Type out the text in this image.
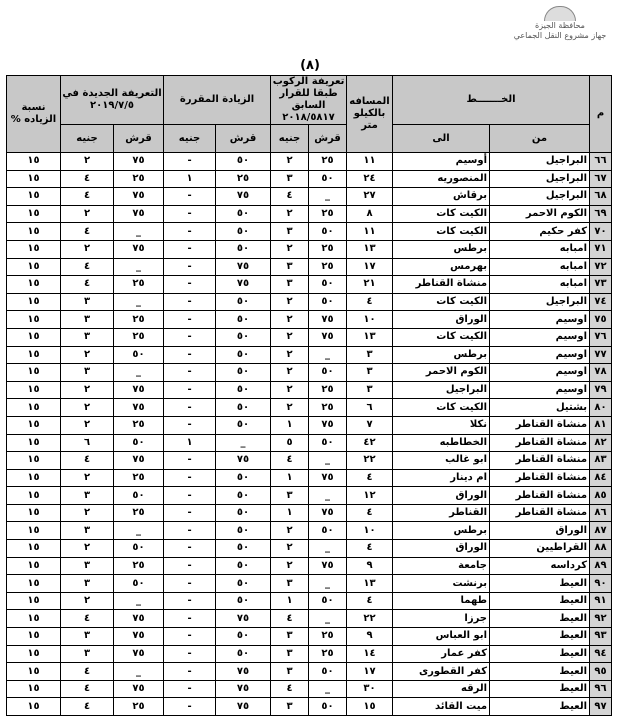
محافظة الجيزة
جهاز مشروع النقل الجماعي
(٨)
م	الخـــــــط		المسافه بالكيلو متر	تعريفة الركوب طبقا للقرار السابق ٢٠١٨/٥٨١٧		الزيادة المقررة		التعريفة الجديدة في ٢٠١٩/٧/٥		نسبة الزياده %
	من	الى		قرش	جنيه	قرش	جنيه	قرش	جنيه	
٦٦	البراجيل	أوسيم	١١	٢٥	٢	٥٠	-	٧٥	٢	١٥
٦٧	البراجيل	المنصوريه	٢٤	٥٠	٣	٢٥	١	٢٥	٤	١٥
٦٨	البراجيل	برقاش	٢٧	_	٤	٧٥	-	٧٥	٤	١٥
٦٩	الكوم الاحمر	الكيت كات	٨	٢٥	٢	٥٠	-	٧٥	٢	١٥
٧٠	كفر حكيم	الكيت كات	١١	٥٠	٣	٥٠	-	_	٤	١٥
٧١	امبابه	برطس	١٣	٢٥	٢	٥٠	-	٧٥	٢	١٥
٧٢	امبابه	بهرمس	١٧	٢٥	٣	٧٥	-	_	٤	١٥
٧٣	امبابه	منشاة القناطر	٢١	٥٠	٣	٧٥	-	٢٥	٤	١٥
٧٤	البراجيل	الكيت كات	٤	٥٠	٢	٥٠	-	_	٣	١٥
٧٥	اوسيم	الوراق	١٠	٧٥	٢	٥٠	-	٢٥	٣	١٥
٧٦	اوسيم	الكيت كات	١٣	٧٥	٢	٥٠	-	٢٥	٣	١٥
٧٧	اوسيم	برطس	٣	_	٢	٥٠	-	٥٠	٢	١٥
٧٨	اوسيم	الكوم الاحمر	٣	٥٠	٢	٥٠	-	_	٣	١٥
٧٩	اوسيم	البراجيل	٣	٢٥	٢	٥٠	-	٧٥	٢	١٥
٨٠	بشتيل	الكيت كات	٦	٢٥	٢	٥٠	-	٧٥	٢	١٥
٨١	منشاة القناطر	نكلا	٧	٧٥	١	٥٠	-	٢٥	٢	١٥
٨٢	منشاة القناطر	الخطاطبه	٤٢	٥٠	٥	_	١	٥٠	٦	١٥
٨٣	منشاة القناطر	ابو غالب	٢٢	_	٤	٧٥	-	٧٥	٤	١٥
٨٤	منشاة القناطر	ام دينار	٤	٧٥	١	٥٠	-	٢٥	٢	١٥
٨٥	منشاة القناطر	الوراق	١٢	_	٣	٥٠	-	٥٠	٣	١٥
٨٦	منشاة القناطر	القناطر	٤	٧٥	١	٥٠	-	٢٥	٢	١٥
٨٧	الوراق	برطس	١٠	٥٠	٢	٥٠	-	_	٣	١٥
٨٨	القراطيين	الوراق	٤	_	٢	٥٠	-	٥٠	٢	١٥
٨٩	كرداسه	جامعة	٩	٧٥	٢	٥٠	-	٢٥	٣	١٥
٩٠	العيط	برنشت	١٣	_	٣	٥٠	-	٥٠	٣	١٥
٩١	العيط	طهما	٤	٥٠	١	٥٠	-	_	٢	١٥
٩٢	العيط	جرزا	٢٢	_	٤	٧٥	-	٧٥	٤	١٥
٩٣	العيط	ابو العباس	٩	٢٥	٣	٥٠	-	٧٥	٣	١٥
٩٤	العيط	كفر عمار	١٤	٢٥	٣	٥٠	-	٧٥	٣	١٥
٩٥	العيط	كفر القطورى	١٧	٥٠	٣	٧٥	-	_	٤	١٥
٩٦	العيط	الرقه	٣٠	_	٤	٧٥	-	٧٥	٤	١٥
٩٧	العيط	ميت القائد	١٥	٥٠	٣	٧٥	-	٢٥	٤	١٥
